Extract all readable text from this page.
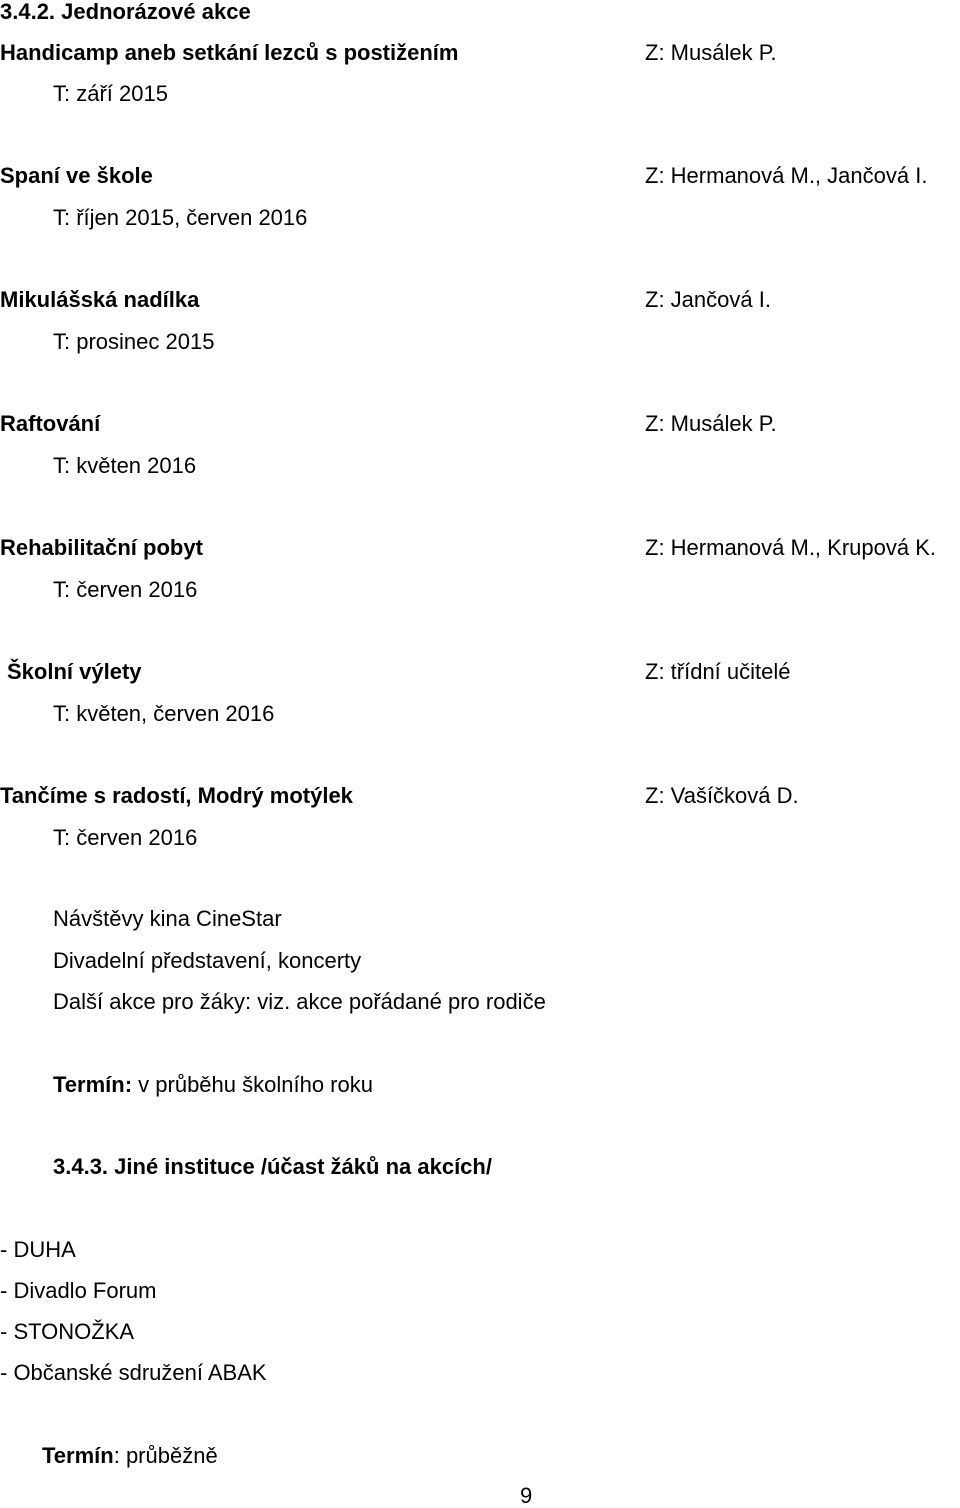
3.4.2. Jednorázové akce
Handicamp aneb setkání lezců s postižením	Z: Musálek P.
T: září 2015
Spaní ve škole	Z: Hermanová M., Jančová I.
T: říjen 2015, červen 2016
Mikulášská nadílka	Z: Jančová I.
T: prosinec 2015
Raftování	Z: Musálek P.
T: květen 2016
Rehabilitační pobyt	Z: Hermanová M., Krupová K.
T: červen 2016
Školní výlety	Z: třídní učitelé
T: květen, červen 2016
Tančíme s radostí, Modrý motýlek	Z: Vašíčková D.
T: červen 2016
Návštěvy kina CineStar
Divadelní představení, koncerty
Další akce pro žáky: viz. akce pořádané pro rodiče
Termín: v průběhu školního roku
3.4.3. Jiné instituce /účast žáků na akcích/
- DUHA
- Divadlo Forum
- STONOŽKA
- Občanské sdružení ABAK
Termín: průběžně
9
